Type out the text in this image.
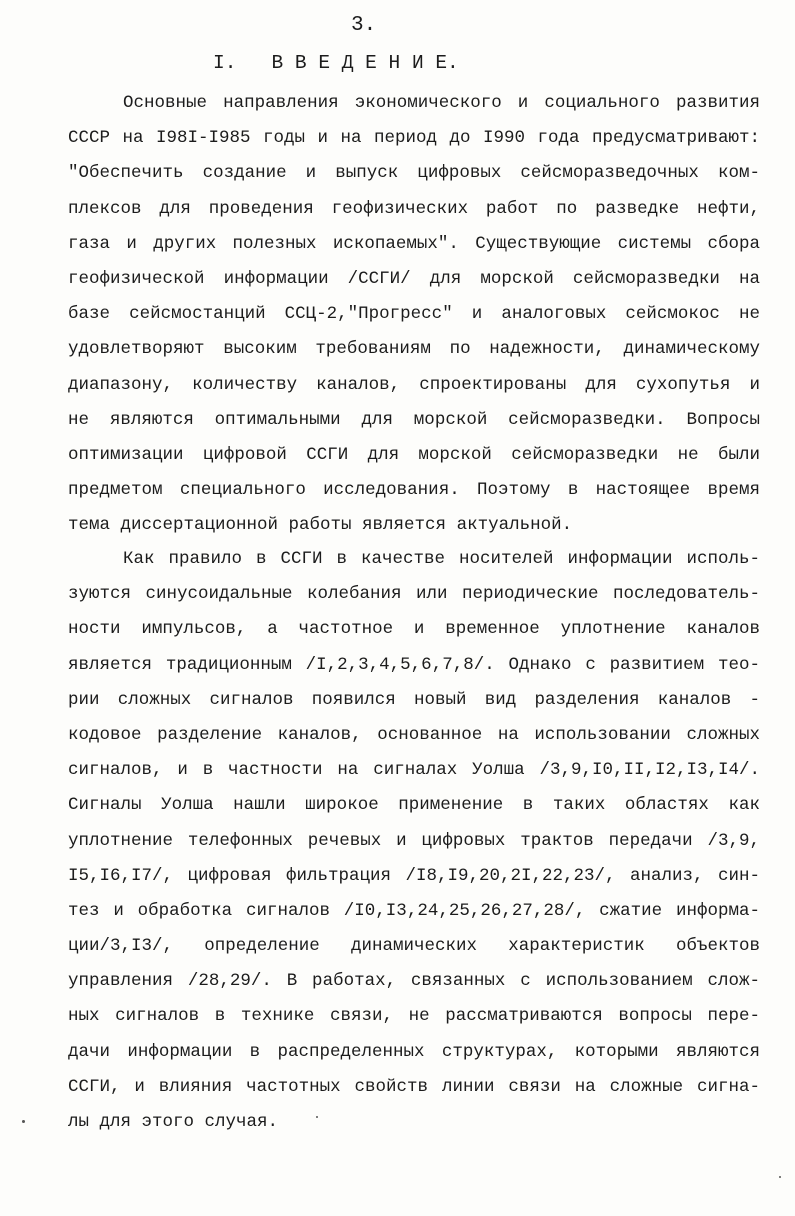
3.
I. В В Е Д Е Н И Е.
Основные направления экономического и социального развития
СССР на I98I-I985 годы и на период до I990 года предусматривают:
"Обеспечить создание и выпуск цифровых сейсморазведочных ком-
плексов для проведения геофизических работ по разведке нефти,
газа и других полезных ископаемых". Существующие системы сбора
геофизической информации /ССГИ/ для морской сейсморазведки на
базе сейсмостанций ССЦ-2,"Прогресс" и аналоговых сейсмокос не
удовлетворяют высоким требованиям по надежности, динамическому
диапазону, количеству каналов, спроектированы для сухопутья и
не являются оптимальными для морской сейсморазведки. Вопросы
оптимизации цифровой ССГИ для морской сейсморазведки не были
предметом специального исследования. Поэтому в настоящее время
тема диссертационной работы является актуальной.
Как правило в ССГИ в качестве носителей информации исполь-
зуются синусоидальные колебания или периодические последователь-
ности импульсов, а частотное и временное уплотнение каналов
является традиционным /I,2,3,4,5,6,7,8/. Однако с развитием тео-
рии сложных сигналов появился новый вид разделения каналов -
кодовое разделение каналов, основанное на использовании сложных
сигналов, и в частности на сигналах Уолша /3,9,I0,II,I2,I3,I4/.
Сигналы Уолша нашли широкое применение в таких областях как
уплотнение телефонных речевых и цифровых трактов передачи /3,9,
I5,I6,I7/, цифровая фильтрация /I8,I9,20,2I,22,23/, анализ, син-
тез и обработка сигналов /I0,I3,24,25,26,27,28/, сжатие информа-
ции/3,I3/, определение динамических характеристик объектов
управления /28,29/. В работах, связанных с использованием слож-
ных сигналов в технике связи, не рассматриваются вопросы пере-
дачи информации в распределенных структурах, которыми являются
ССГИ, и влияния частотных свойств линии связи на сложные сигна-
лы для этого случая.
